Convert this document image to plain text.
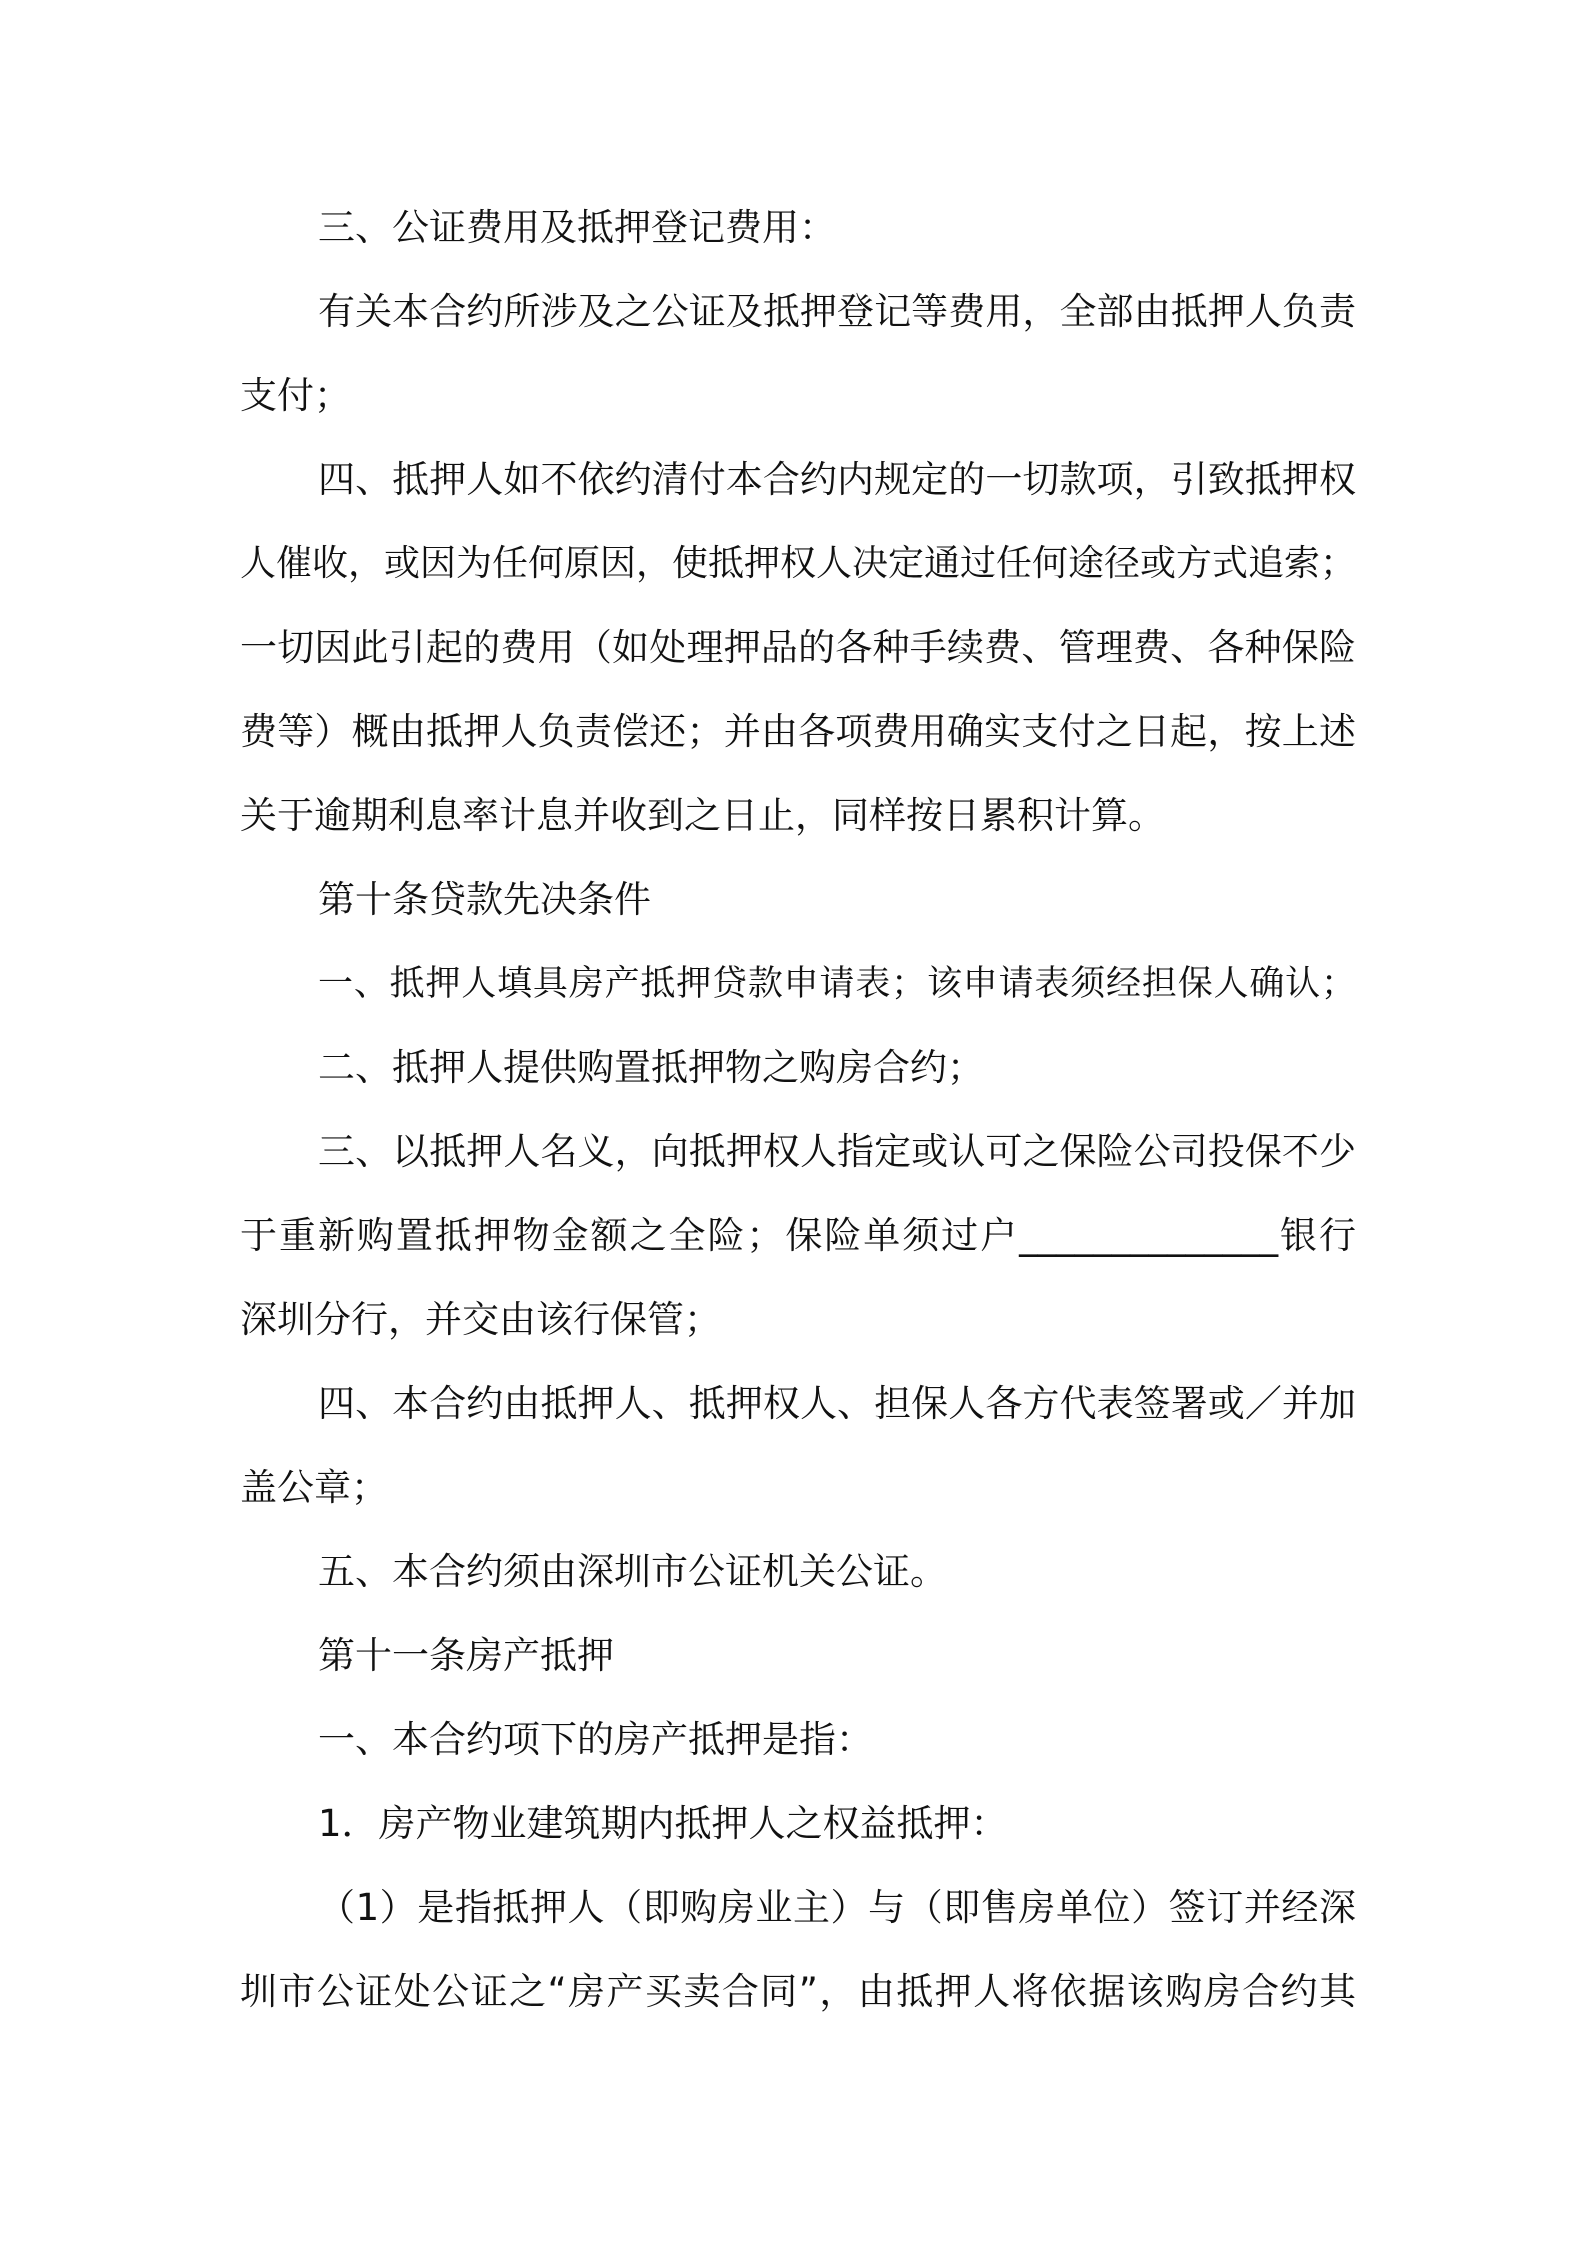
三、公证费用及抵押登记费用：
有关本合约所涉及之公证及抵押登记等费用，全部由抵押人负责
支付；
四、抵押人如不依约清付本合约内规定的一切款项，引致抵押权
人催收，或因为任何原因，使抵押权人决定通过任何途径或方式追索；
一切因此引起的费用（如处理押品的各种手续费、管理费、各种保险
费等）概由抵押人负责偿还；并由各项费用确实支付之日起，按上述
关于逾期利息率计息并收到之日止，同样按日累积计算。
第十条贷款先决条件
一、抵押人填具房产抵押贷款申请表；该申请表须经担保人确认；
二、抵押人提供购置抵押物之购房合约；
三、以抵押人名义，向抵押权人指定或认可之保险公司投保不少
于重新购置抵押物金额之全险；保险单须过户______________银行
深圳分行，并交由该行保管；
四、本合约由抵押人、抵押权人、担保人各方代表签署或／并加
盖公章；
五、本合约须由深圳市公证机关公证。
第十一条房产抵押
一、本合约项下的房产抵押是指：
1．房产物业建筑期内抵押人之权益抵押：
（1）是指抵押人（即购房业主）与（即售房单位）签订并经深
圳市公证处公证之“房产买卖合同”，由抵押人将依据该购房合约其
